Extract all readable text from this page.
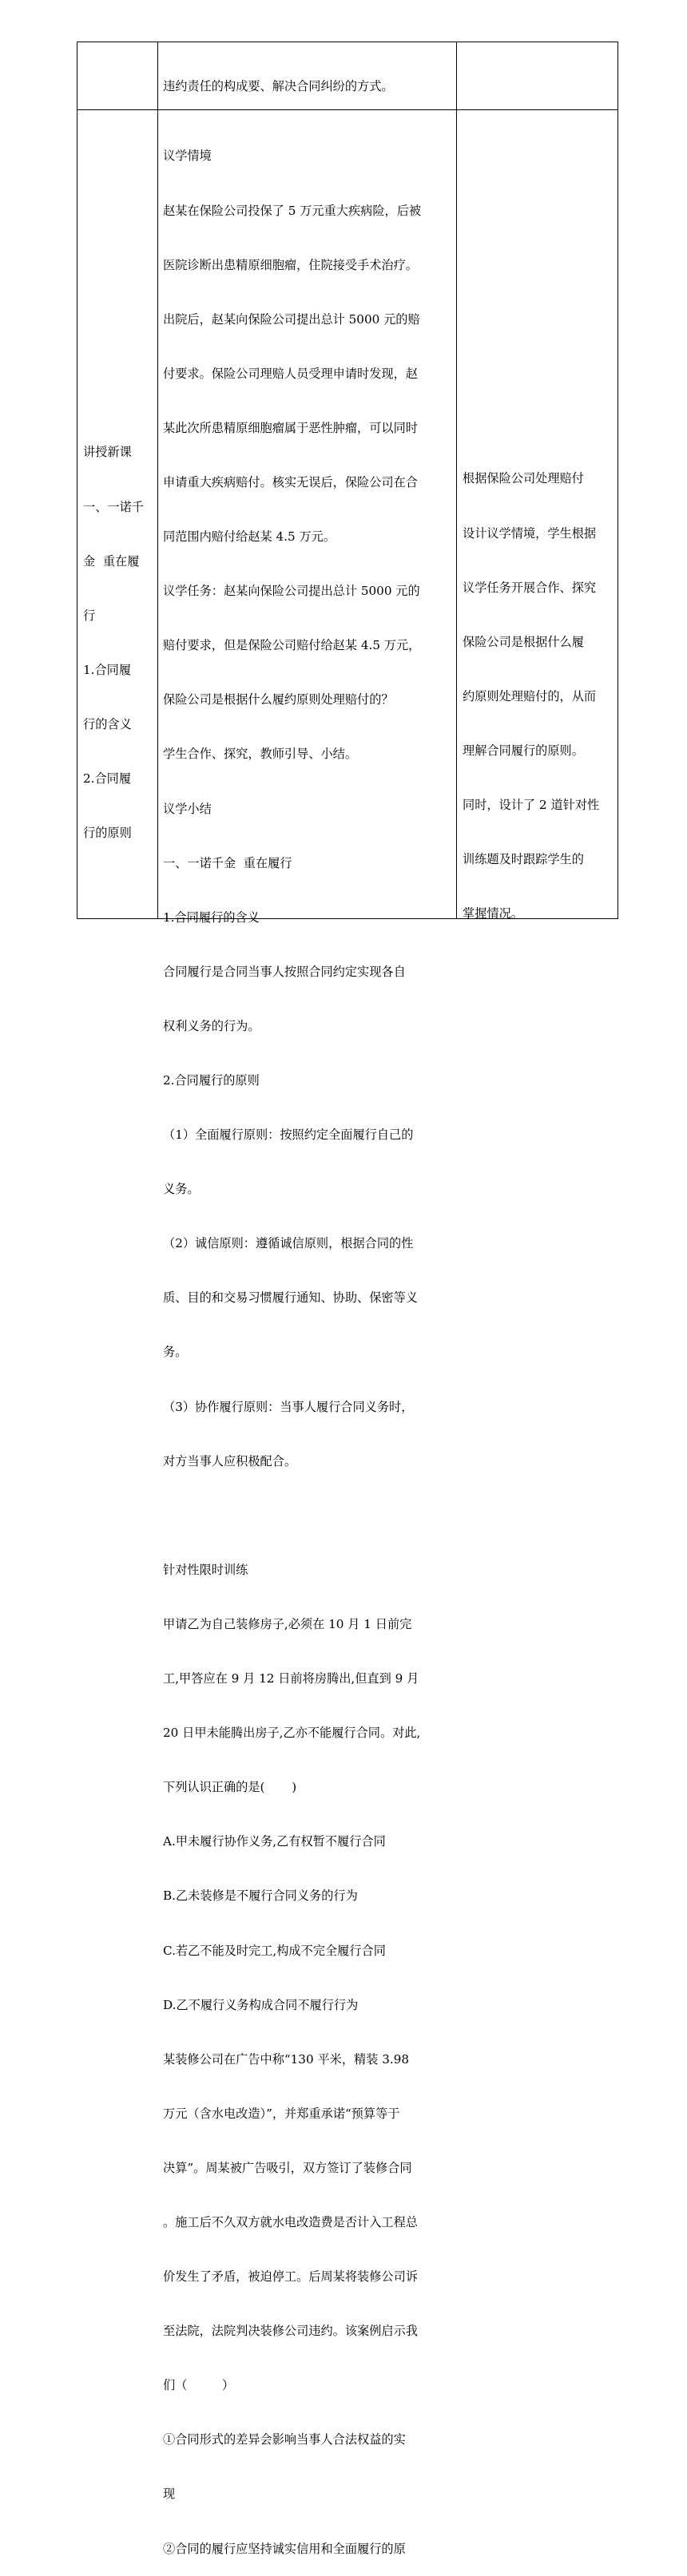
违约责任的构成要、解决合同纠纷的方式。

讲授新课

一、一诺千

金  重在履

行

1.合同履

行的含义

2.合同履

行的原则

议学情境

赵某在保险公司投保了 5 万元重大疾病险，后被

医院诊断出患精原细胞瘤，住院接受手术治疗。

出院后，赵某向保险公司提出总计 5000 元的赔

付要求。保险公司理赔人员受理申请时发现，赵

某此次所患精原细胞瘤属于恶性肿瘤，可以同时

申请重大疾病赔付。核实无误后，保险公司在合

同范围内赔付给赵某 4.5 万元。

议学任务：赵某向保险公司提出总计 5000 元的

赔付要求，但是保险公司赔付给赵某 4.5 万元，

保险公司是根据什么履约原则处理赔付的？

学生合作、探究，教师引导、小结。

议学小结

一、一诺千金  重在履行

1.合同履行的含义

合同履行是合同当事人按照合同约定实现各自

权利义务的行为。

2.合同履行的原则

（1）全面履行原则：按照约定全面履行自己的

义务。

（2）诚信原则：遵循诚信原则，根据合同的性

质、目的和交易习惯履行通知、协助、保密等义

务。

（3）协作履行原则：当事人履行合同义务时，

对方当事人应积极配合。

针对性限时训练

甲请乙为自己装修房子,必须在 10 月 1 日前完

工,甲答应在 9 月 12 日前将房腾出,但直到 9 月

20 日甲未能腾出房子,乙亦不能履行合同。对此,

下列认识正确的是(       )

A.甲未履行协作义务,乙有权暂不履行合同

B.乙未装修是不履行合同义务的行为

C.若乙不能及时完工,构成不完全履行合同

D.乙不履行义务构成合同不履行行为

某装修公司在广告中称“130 平米，精装 3.98

万元（含水电改造）”，并郑重承诺“预算等于

决算”。周某被广告吸引，双方签订了装修合同

。施工后不久双方就水电改造费是否计入工程总

价发生了矛盾，被迫停工。后周某将装修公司诉

至法院，法院判决装修公司违约。该案例启示我

们（         ）

①合同形式的差异会影响当事人合法权益的实

现

②合同的履行应坚持诚实信用和全面履行的原

根据保险公司处理赔付

设计议学情境，学生根据

议学任务开展合作、探究

保险公司是根据什么履

约原则处理赔付的，从而

理解合同履行的原则。

同时，设计了 2 道针对性

训练题及时跟踪学生的

掌握情况。
